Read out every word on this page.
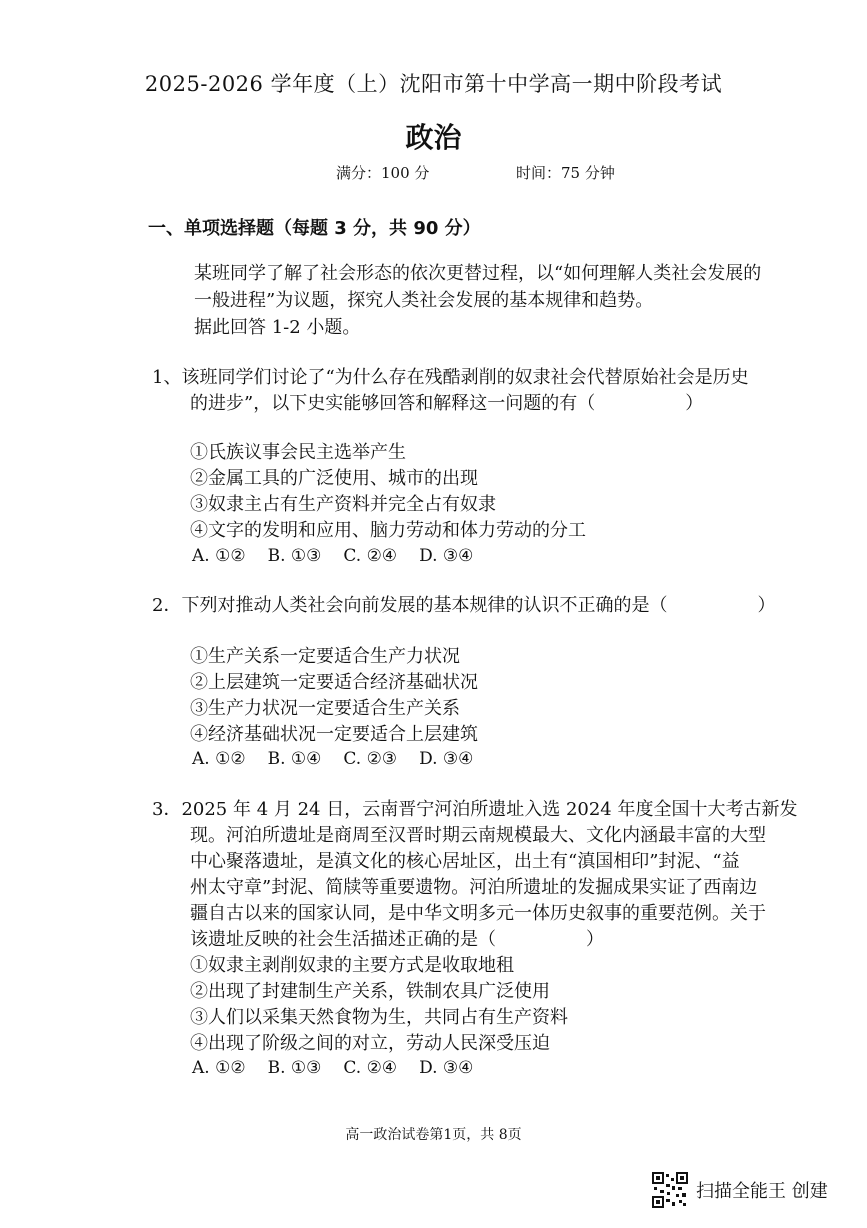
2025-2026 学年度（上）沈阳市第十中学高一期中阶段考试
政治
满分：100 分	时间：75 分钟
一、单项选择题（每题 3 分，共 90 分）
某班同学了解了社会形态的依次更替过程，以“如何理解人类社会发展的
一般进程”为议题，探究人类社会发展的基本规律和趋势。
据此回答 1-2 小题。
1、该班同学们讨论了“为什么存在残酷剥削的奴隶社会代替原始社会是历史
的进步”，以下史实能够回答和解释这一问题的有（　　　　　）
①氏族议事会民主选举产生
②金属工具的广泛使用、城市的出现
③奴隶主占有生产资料并完全占有奴隶
④文字的发明和应用、脑力劳动和体力劳动的分工
A. ①② B. ①③ C. ②④ D. ③④
2．下列对推动人类社会向前发展的基本规律的认识不正确的是（　　　　　）
①生产关系一定要适合生产力状况
②上层建筑一定要适合经济基础状况
③生产力状况一定要适合生产关系
④经济基础状况一定要适合上层建筑
A. ①② B. ①④ C. ②③ D. ③④
3．2025 年 4 月 24 日，云南晋宁河泊所遗址入选 2024 年度全国十大考古新发
现。河泊所遗址是商周至汉晋时期云南规模最大、文化内涵最丰富的大型
中心聚落遗址，是滇文化的核心居址区，出土有“滇国相印”封泥、“益
州太守章”封泥、简牍等重要遗物。河泊所遗址的发掘成果实证了西南边
疆自古以来的国家认同，是中华文明多元一体历史叙事的重要范例。关于
该遗址反映的社会生活描述正确的是（　　　　　）
①奴隶主剥削奴隶的主要方式是收取地租
②出现了封建制生产关系，铁制农具广泛使用
③人们以采集天然食物为生，共同占有生产资料
④出现了阶级之间的对立，劳动人民深受压迫
A. ①② B. ①③ C. ②④ D. ③④
高一政治试卷第1页，共 8页
扫描全能王 创建
